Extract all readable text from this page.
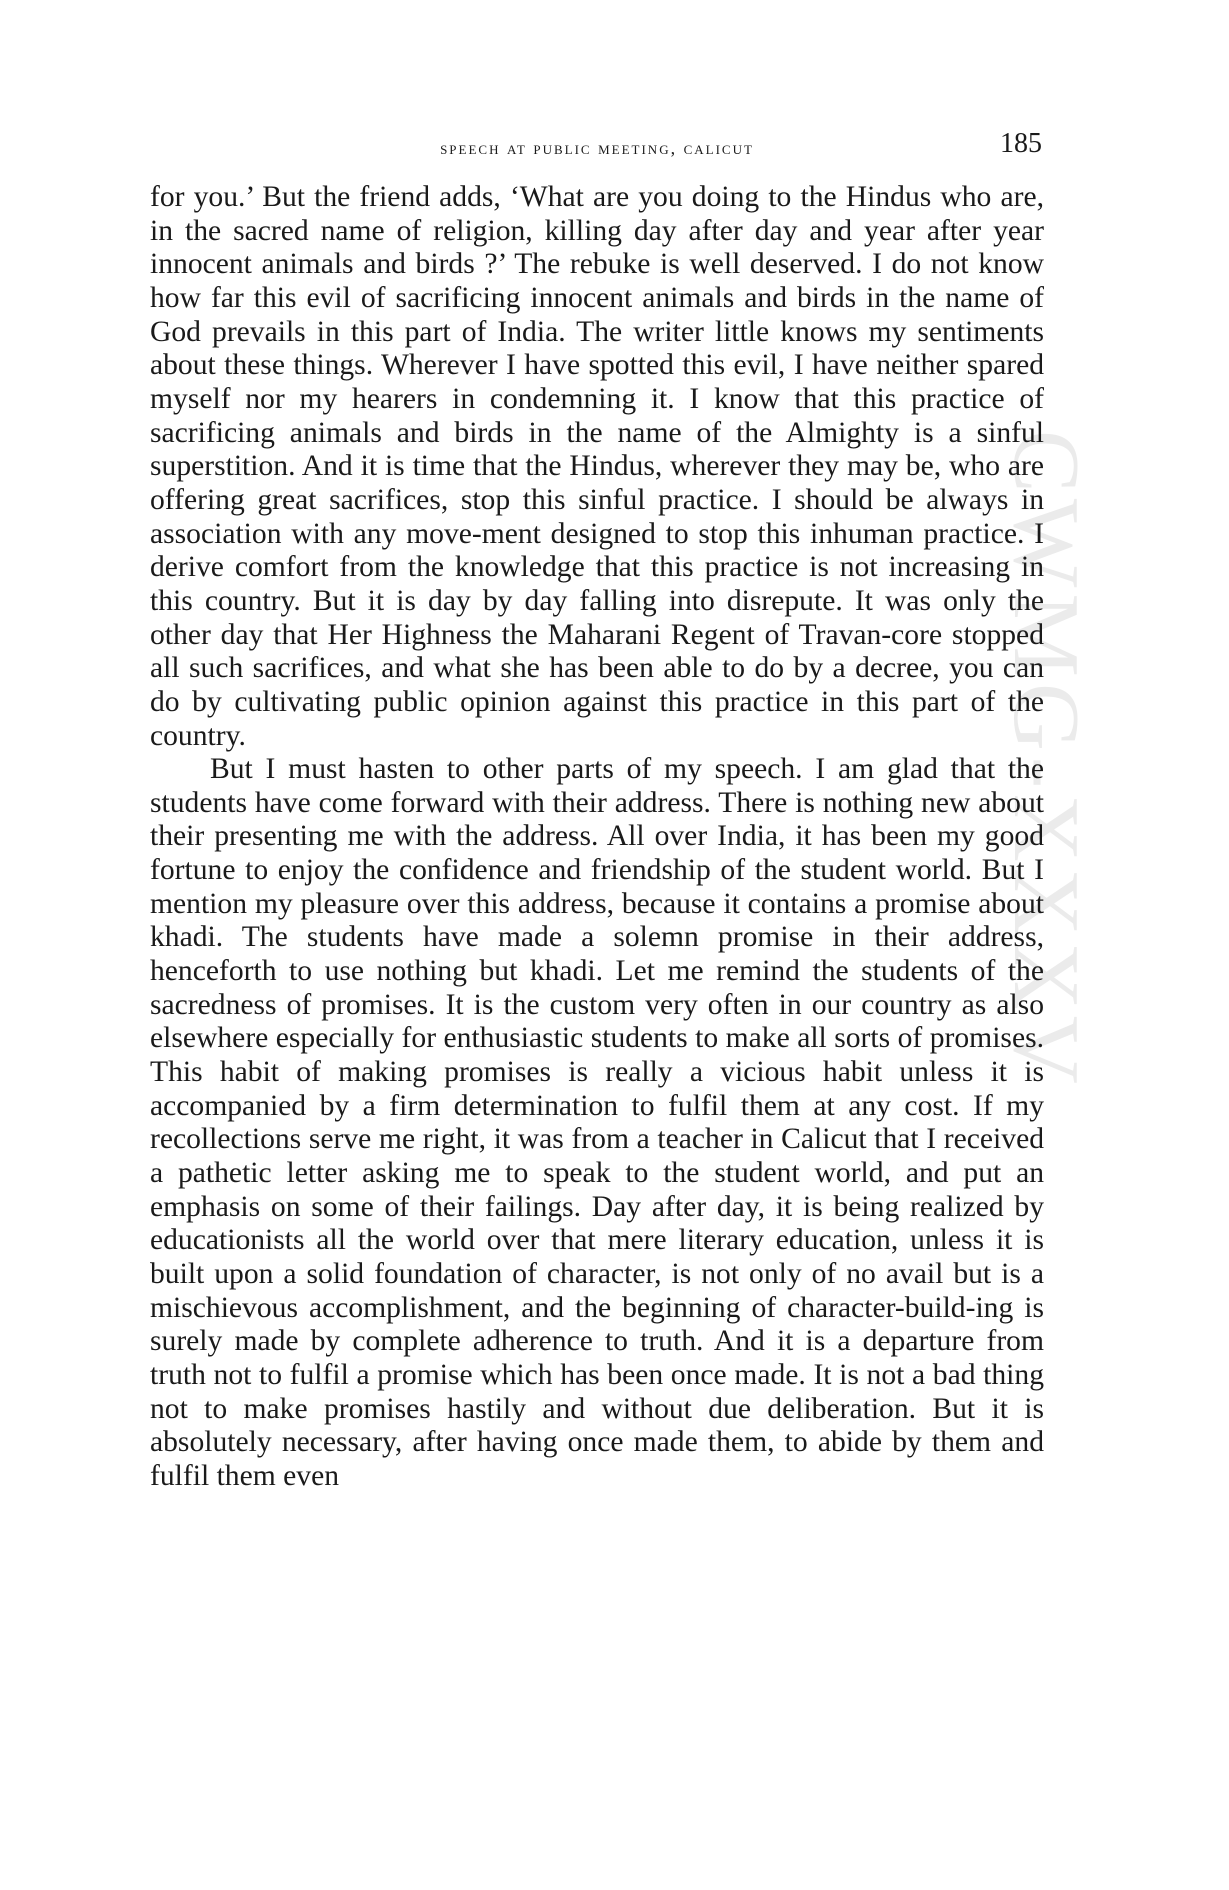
CWMG-XXXV
speech at public meeting, calicut	185

for you.’ But the friend adds, ‘What are you doing to the Hindus who are, in the sacred name of religion, killing day after day and year after year innocent animals and birds ?’ The rebuke is well deserved. I do not know how far this evil of sacrificing innocent animals and birds in the name of God prevails in this part of India. The writer little knows my sentiments about these things. Wherever I have spotted this evil, I have neither spared myself nor my hearers in condemning it. I know that this practice of sacrificing animals and birds in the name of the Almighty is a sinful superstition. And it is time that the Hindus, wherever they may be, who are offering great sacrifices, stop this sinful practice. I should be always in association with any move-ment designed to stop this inhuman practice. I derive comfort from the knowledge that this practice is not increasing in this country. But it is day by day falling into disrepute. It was only the other day that Her Highness the Maharani Regent of Travan-core stopped all such sacrifices, and what she has been able to do by a decree, you can do by cultivating public opinion against this practice in this part of the country.

But I must hasten to other parts of my speech. I am glad that the students have come forward with their address. There is nothing new about their presenting me with the address. All over India, it has been my good fortune to enjoy the confidence and friendship of the student world. But I mention my pleasure over this address, because it contains a promise about khadi. The students have made a solemn promise in their address, henceforth to use nothing but khadi. Let me remind the students of the sacredness of promises. It is the custom very often in our country as also elsewhere especially for enthusiastic students to make all sorts of promises. This habit of making promises is really a vicious habit unless it is accompanied by a firm determination to fulfil them at any cost. If my recollections serve me right, it was from a teacher in Calicut that I received a pathetic letter asking me to speak to the student world, and put an emphasis on some of their failings. Day after day, it is being realized by educationists all the world over that mere literary education, unless it is built upon a solid foundation of character, is not only of no avail but is a mischievous accomplishment, and the beginning of character-build-ing is surely made by complete adherence to truth. And it is a departure from truth not to fulfil a promise which has been once made. It is not a bad thing not to make promises hastily and without due deliberation. But it is absolutely necessary, after having once made them, to abide by them and fulfil them even
